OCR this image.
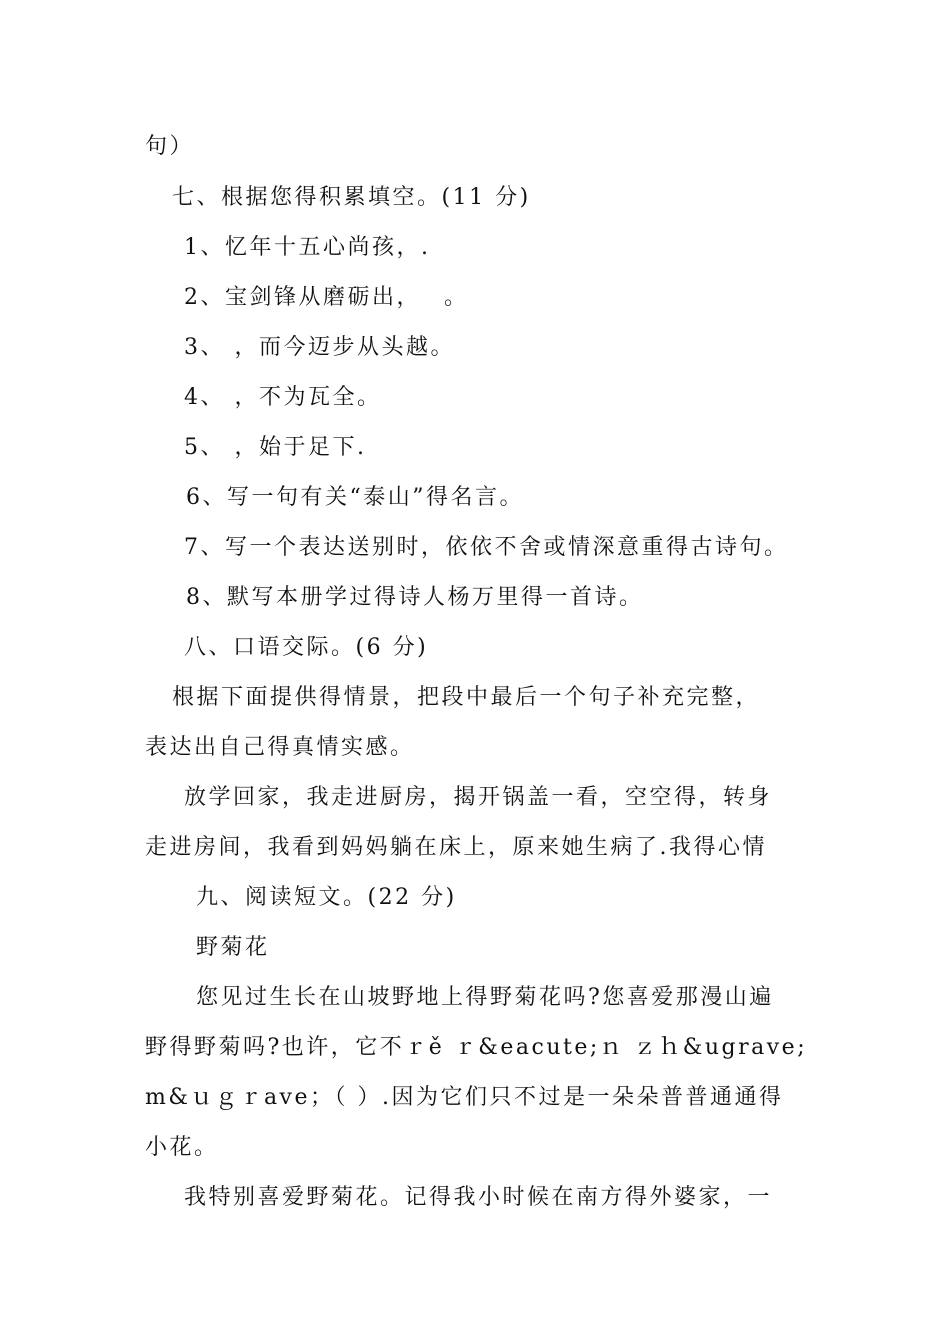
句）
七、根据您得积累填空。(11 分)
1、忆年十五心尚孩，.
2、宝剑锋从磨砺出，　 。
3、 ，而今迈步从头越。
4、 ，不为瓦全。
5、 ，始于足下.
6、写一句有关“泰山”得名言。
7、写一个表达送别时，依依不舍或情深意重得古诗句。
8、默写本册学过得诗人杨万里得一首诗。
八、口语交际。(6 分)
根据下面提供得情景，把段中最后一个句子补充完整，
表达出自己得真情实感。
放学回家，我走进厨房，揭开锅盖一看，空空得，转身
走进房间，我看到妈妈躺在床上，原来她生病了.我得心情
九、阅读短文。(22 分)
野菊花
您见过生长在山坡野地上得野菊花吗?您喜爱那漫山遍
野得野菊吗?也许，它不ｒě ｒ&eacute;ｎ ｚｈ&ugrave;
m&ｕｇｒave；（ ）.因为它们只不过是一朵朵普普通通得
小花。
我特别喜爱野菊花。记得我小时候在南方得外婆家，一
